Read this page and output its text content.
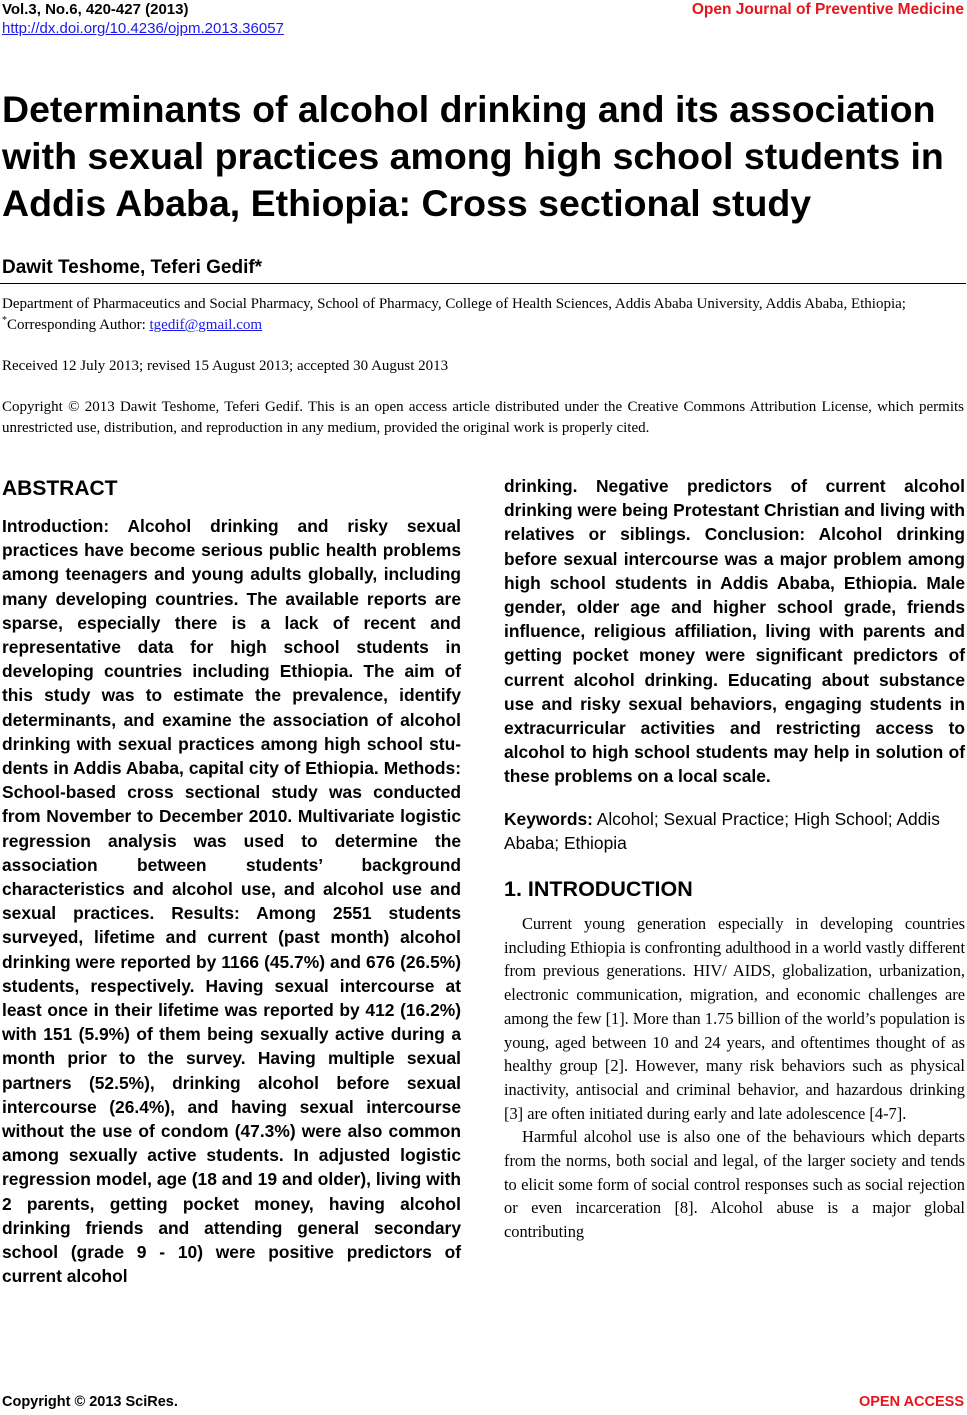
Vol.3, No.6, 420-427 (2013)
http://dx.doi.org/10.4236/ojpm.2013.36057
Open Journal of Preventive Medicine
Determinants of alcohol drinking and its association with sexual practices among high school students in Addis Ababa, Ethiopia: Cross sectional study
Dawit Teshome, Teferi Gedif*
Department of Pharmaceutics and Social Pharmacy, School of Pharmacy, College of Health Sciences, Addis Ababa University, Addis Ababa, Ethiopia; *Corresponding Author: tgedif@gmail.com
Received 12 July 2013; revised 15 August 2013; accepted 30 August 2013
Copyright © 2013 Dawit Teshome, Teferi Gedif. This is an open access article distributed under the Creative Commons Attribution License, which permits unrestricted use, distribution, and reproduction in any medium, provided the original work is properly cited.
ABSTRACT

Introduction: Alcohol drinking and risky sexual practices have become serious public health problems among teenagers and young adults globally, including many developing countries. The available reports are sparse, especially there is a lack of recent and representative data for high school students in developing countries including Ethiopia. The aim of this study was to estimate the prevalence, identify determinants, and examine the association of alcohol drinking with sexual practices among high school students in Addis Ababa, capital city of Ethiopia. Methods: School-based cross sectional study was conducted from November to December 2010. Multivariate logistic regression analysis was used to determine the association between students’ background characteristics and alcohol use, and alcohol use and sexual practices. Results: Among 2551 students surveyed, lifetime and current (past month) alcohol drinking were reported by 1166 (45.7%) and 676 (26.5%) students, respectively. Having sexual intercourse at least once in their lifetime was reported by 412 (16.2%) with 151 (5.9%) of them being sexually active during a month prior to the survey. Having multiple sexual partners (52.5%), drinking alcohol before sexual intercourse (26.4%), and having sexual intercourse without the use of condom (47.3%) were also common among sexually active students. In adjusted logistic regression model, age (18 and 19 and older), living with 2 parents, getting pocket money, having alcohol drinking friends and attending general secondary school (grade 9 - 10) were positive predictors of current alcohol

drinking. Negative predictors of current alcohol drinking were being Protestant Christian and living with relatives or siblings. Conclusion: Alcohol drinking before sexual intercourse was a major problem among high school students in Addis Ababa, Ethiopia. Male gender, older age and higher school grade, friends influence, religious affiliation, living with parents and getting pocket money were significant predictors of current alcohol drinking. Educating about substance use and risky sexual behaviors, engaging students in extracurricular activities and restricting access to alcohol to high school students may help in solution of these problems on a local scale.

Keywords: Alcohol; Sexual Practice; High School; Addis Ababa; Ethiopia

1. INTRODUCTION

Current young generation especially in developing countries including Ethiopia is confronting adulthood in a world vastly different from previous generations. HIV/ AIDS, globalization, urbanization, electronic communication, migration, and economic challenges are among the few [1]. More than 1.75 billion of the world’s population is young, aged between 10 and 24 years, and oftentimes thought of as healthy group [2]. However, many risk behaviors such as physical inactivity, antisocial and criminal behavior, and hazardous drinking [3] are often initiated during early and late adolescence [4-7].

Harmful alcohol use is also one of the behaviours which departs from the norms, both social and legal, of the larger society and tends to elicit some form of social control responses such as social rejection or even incarceration [8]. Alcohol abuse is a major global contributing

Copyright © 2013 SciRes.	OPEN ACCESS
